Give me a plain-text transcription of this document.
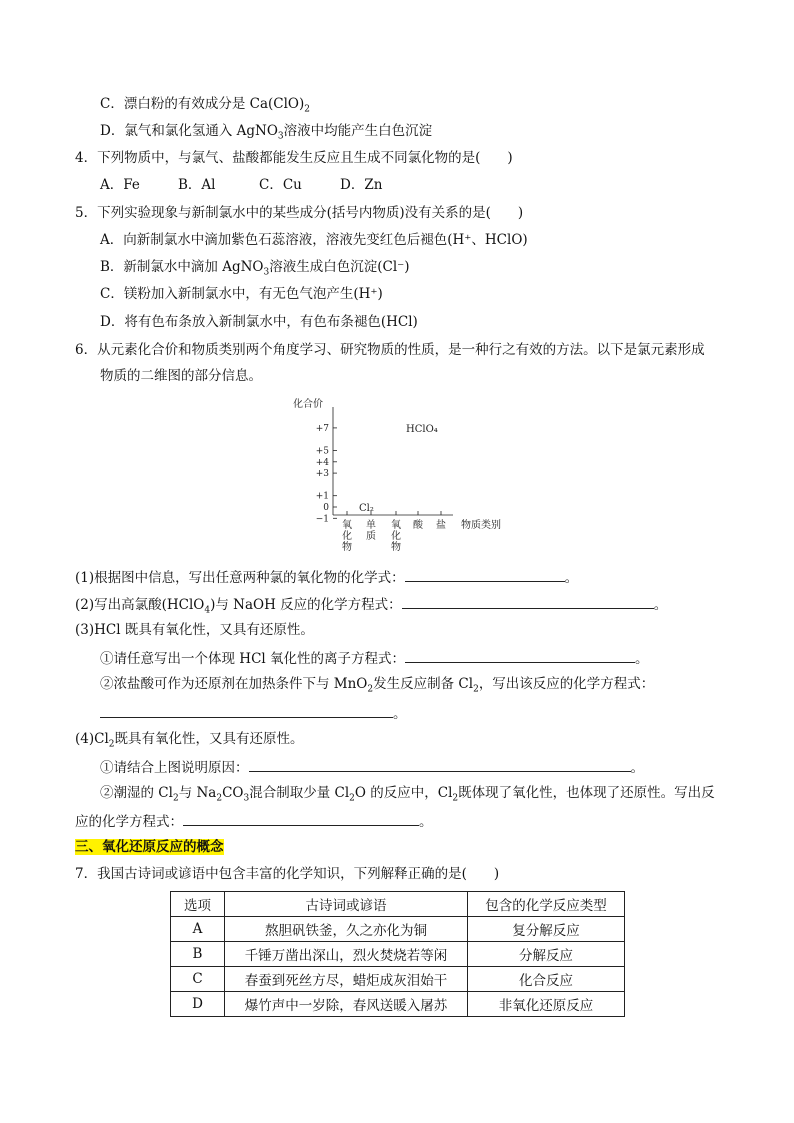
C．漂白粉的有效成分是 $Ca(ClO)_2$
D．氯气和氯化氢通入 AgNO$_3$溶液中均能产生白色沉淀
4．下列物质中，与氯气、盐酸都能发生反应且生成不同氯化物的是(　　)
A．Fe	B．Al	C．Cu	D．Zn
5．下列实验现象与新制氯水中的某些成分(括号内物质)没有关系的是(　　)
A．向新制氯水中滴加紫色石蕊溶液，溶液先变红色后褪色(H⁺、HClO)
B．新制氯水中滴加 AgNO$_3$溶液生成白色沉淀(Cl⁻)
C．镁粉加入新制氯水中，有无色气泡产生(H⁺)
D．将有色布条放入新制氯水中，有色布条褪色(HCl)
6．从元素化合价和物质类别两个角度学习、研究物质的性质，是一种行之有效的方法。以下是氯元素形成
物质的二维图的部分信息。
化合价
+7
+5
+4
+3
+1
0
−1
氧
化
物
单
质
氧
化
物
酸 盐 物质类别
HClO₄
Cl₂
(1)根据图中信息，写出任意两种氯的氧化物的化学式：	。
(2)写出高氯酸(HClO$_4$)与 NaOH 反应的化学方程式：	。
(3)HCl 既具有氧化性，又具有还原性。
①请任意写出一个体现 HCl 氧化性的离子方程式：	。
②浓盐酸可作为还原剂在加热条件下与 MnO$_2$发生反应制备 $Cl_2$，写出该反应的化学方程式：
。
$(4)Cl_2$既具有氧化性，又具有还原性。
①请结合上图说明原因：	。
②潮湿的 $Cl_2$与 $Na_2CO_3$混合制取少量 $Cl_2O$ 的反应中，$Cl_2$既体现了氧化性，也体现了还原性。写出反
应的化学方程式：	。
三、氧化还原反应的概念
7．我国古诗词或谚语中包含丰富的化学知识，下列解释正确的是(　　)
选项	古诗词或谚语	包含的化学反应类型
A	熬胆矾铁釜，久之亦化为铜	复分解反应
B	千锤万凿出深山，烈火焚烧若等闲	分解反应
C	春蚕到死丝方尽，蜡炬成灰泪始干	化合反应
D	爆竹声中一岁除，春风送暖入屠苏	非氧化还原反应
